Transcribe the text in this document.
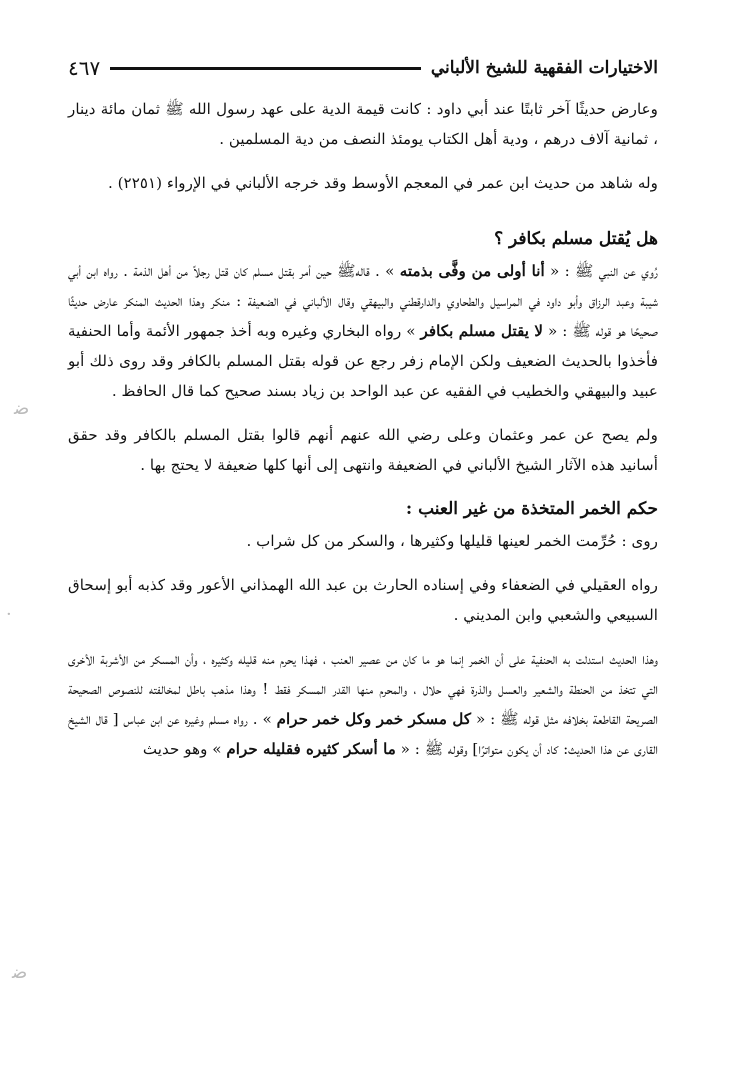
ﺿ
·
ﺿ
الاختيارات الفقهية للشيخ الألباني
٤٦٧

وعارض حديثًا آخر ثابتًا عند أبي داود : كانت قيمة الدية على عهد رسول الله ﷺ ثمان مائة دينار ، ثمانية آلاف درهم ، ودية أهل الكتاب يومئذ النصف من دية المسلمين .

وله شاهد من حديث ابن عمر في المعجم الأوسط وقد خرجه الألباني في الإرواء (٢٢٥١) .

هل يُقتل مسلم بكافر ؟

رُوي عن النبي ﷺ : « أنا أولى من وفَّى بذمته » . قالهﷺ حين أمر بقتل مسلم كان قتل رجلاً من أهل الذمة . رواه ابن أبي شيبة وعبد الرزاق وأبو داود في المراسيل والطحاوي والدارقطني والبيهقي وقال الألباني في الضعيفة : منكر وهذا الحديث المنكر عارض حديثًا صحيحًا هو قوله ﷺ : « لا يقتل مسلم بكافر » رواه البخاري وغيره وبه أخذ جمهور الأئمة وأما الحنفية فأخذوا بالحديث الضعيف ولكن الإمام زفر رجع عن قوله بقتل المسلم بالكافر وقد روى ذلك أبو عبيد والبيهقي والخطيب في الفقيه عن عبد الواحد بن زياد بسند صحيح كما قال الحافظ .

ولم يصح عن عمر وعثمان وعلى رضي الله عنهم أنهم قالوا بقتل المسلم بالكافر وقد حقق أسانيد هذه الآثار الشيخ الألباني في الضعيفة وانتهى إلى أنها كلها ضعيفة لا يحتج بها .

حكم الخمر المتخذة من غير العنب :

روى : حُرِّمت الخمر لعينها قليلها وكثيرها ، والسكر من كل شراب .

رواه العقيلي في الضعفاء وفي إسناده الحارث بن عبد الله الهمذاني الأعور وقد كذبه أبو إسحاق السبيعي والشعبي وابن المديني .

وهذا الحديث استدلت به الحنفية على أن الخمر إنما هو ما كان من عصير العنب ، فهذا يحرم منه قليله وكثيره ، وأن المسكر من الأشربة الأخرى التي تتخذ من الحنطة والشعير والعسل والذرة فهي حلال ، والمحرم منها القدر المسكر فقط ! وهذا مذهب باطل لمخالفته للنصوص الصحيحة الصريحة القاطعة بخلافه مثل قوله ﷺ : « كل مسكر خمر وكل خمر حرام » . رواه مسلم وغيره عن ابن عباس [ قال الشيخ القارى عن هذا الحديث: كاد أن يكون متواترًا] وقوله ﷺ : « ما أسكر كثيره فقليله حرام » وهو حديث
